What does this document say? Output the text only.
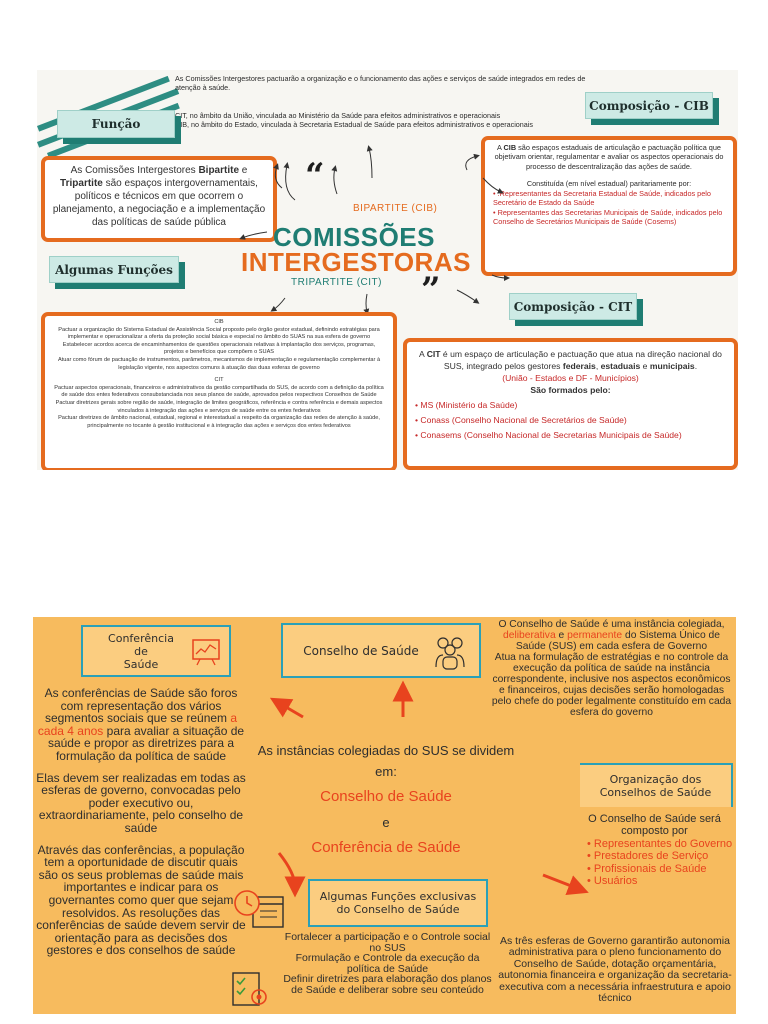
As Comissões Intergestores pactuarão a organização e o funcionamento das ações e serviços de saúde integrados em redes de atenção à saúde.
CIT, no âmbito da União, vinculada ao Ministério da Saúde para efeitos administrativos e operacionais
CIB, no âmbito do Estado, vinculada à Secretaria Estadual de Saúde para efeitos administrativos e operacionais
Função
Composição - CIB
As Comissões Intergestores Bipartite e Tripartite são espaços intergovernamentais, políticos e técnicos em que ocorrem o planejamento, a negociação e a implementação das políticas de saúde pública
A CIB são espaços estaduais de articulação e pactuação política que objetivam orientar, regulamentar e avaliar os aspectos operacionais do processo de descentralização das ações de saúde.
Constituída (em nível estadual) paritariamente por:
• :Representantes da Secretaria Estadual de Saúde, indicados pelo Secretário de Estado da Saúde
• Representantes das Secretarias Municipais de Saúde, indicados pelo Conselho de Secretários Municipais de Saúde (Cosems)
“
BIPARTITE (CIB)
COMISSÕES
INTERGESTORAS
TRIPARTITE (CIT) ”
Algumas Funções
Composição - CIT
CIB
Pactuar a organização do Sistema Estadual de Assistência Social proposto pelo órgão gestor estadual, definindo estratégias para implementar e operacionalizar a oferta da proteção social básica e especial no âmbito do SUAS na sua esfera de governo
Estabelecer acordos acerca de encaminhamentos de questões operacionais relativas à implantação dos serviços, programas, projetos e benefícios que compõem o SUAS
Atuar como fórum de pactuação de instrumentos, parâmetros, mecanismos de implementação e regulamentação complementar à legislação vigente, nos aspectos comuns à atuação das duas esferas de governo
CIT
Pactuar aspectos operacionais, financeiros e administrativos da gestão compartilhada do SUS, de acordo com a definição da política de saúde dos entes federativos consubstanciada nos seus planos de saúde, aprovados pelos respectivos Conselhos de Saúde
Pactuar diretrizes gerais sobre região de saúde, integração de limites geográficos, referência e contra referência e demais aspectos vinculados à integração das ações e serviços de saúde entre os entes federativos
Pactuar diretrizes de âmbito nacional, estadual, regional e interestadual a respeito da organização das redes de atenção à saúde, principalmente no tocante à gestão institucional e à integração das ações e serviços dos entes federativos
A CIT é um espaço de articulação e pactuação que atua na direção nacional do SUS, integrado pelos gestores federais, estaduais e municipais.
(União - Estados e DF - Municípios)
São formados pelo:
• MS (Ministério da Saúde)
• Conass (Conselho Nacional de Secretários de Saúde)
• Conasems (Conselho Nacional de Secretarias Municipais de Saúde)
Conferência
de
Saúde
Conselho de Saúde
O Conselho de Saúde é uma instância colegiada, deliberativa e permanente do Sistema Único de Saúde (SUS) em cada esfera de Governo
Atua na formulação de estratégias e no controle da execução da política de saúde na instância correspondente, inclusive nos aspectos econômicos e financeiros, cujas decisões serão homologadas pelo chefe do poder legalmente constituído em cada esfera do governo
As conferências de Saúde são foros com representação dos vários segmentos sociais que se reúnem a cada 4 anos para avaliar a situação de saúde e propor as diretrizes para a formulação da política de saúde
Elas devem ser realizadas em todas as esferas de governo, convocadas pelo poder executivo ou, extraordinariamente, pelo conselho de saúde
Através das conferências, a população tem a oportunidade de discutir quais são os seus problemas de saúde mais importantes e indicar para os governantes como quer que sejam resolvidos. As resoluções das conferências de saúde devem servir de orientação para as decisões dos gestores e dos conselhos de saúde
As instâncias colegiadas do SUS se dividem
em:
Conselho de Saúde
e
Conferência de Saúde
Organização dos
Conselhos de Saúde
O Conselho de Saúde será composto por
• Representantes do Governo
• Prestadores de Serviço
• Profissionais de Saúde
• Usuários
As três esferas de Governo garantirão autonomia administrativa para o pleno funcionamento do Conselho de Saúde, dotação orçamentária, autonomia financeira e organização da secretaria-executiva com a necessária infraestrutura e apoio técnico
Algumas Funções exclusivas
do Conselho de Saúde
Fortalecer a participação e o Controle social no SUS
Formulação e Controle da execução da política de Saúde
Definir diretrizes para elaboração dos planos de Saúde e deliberar sobre seu conteúdo
